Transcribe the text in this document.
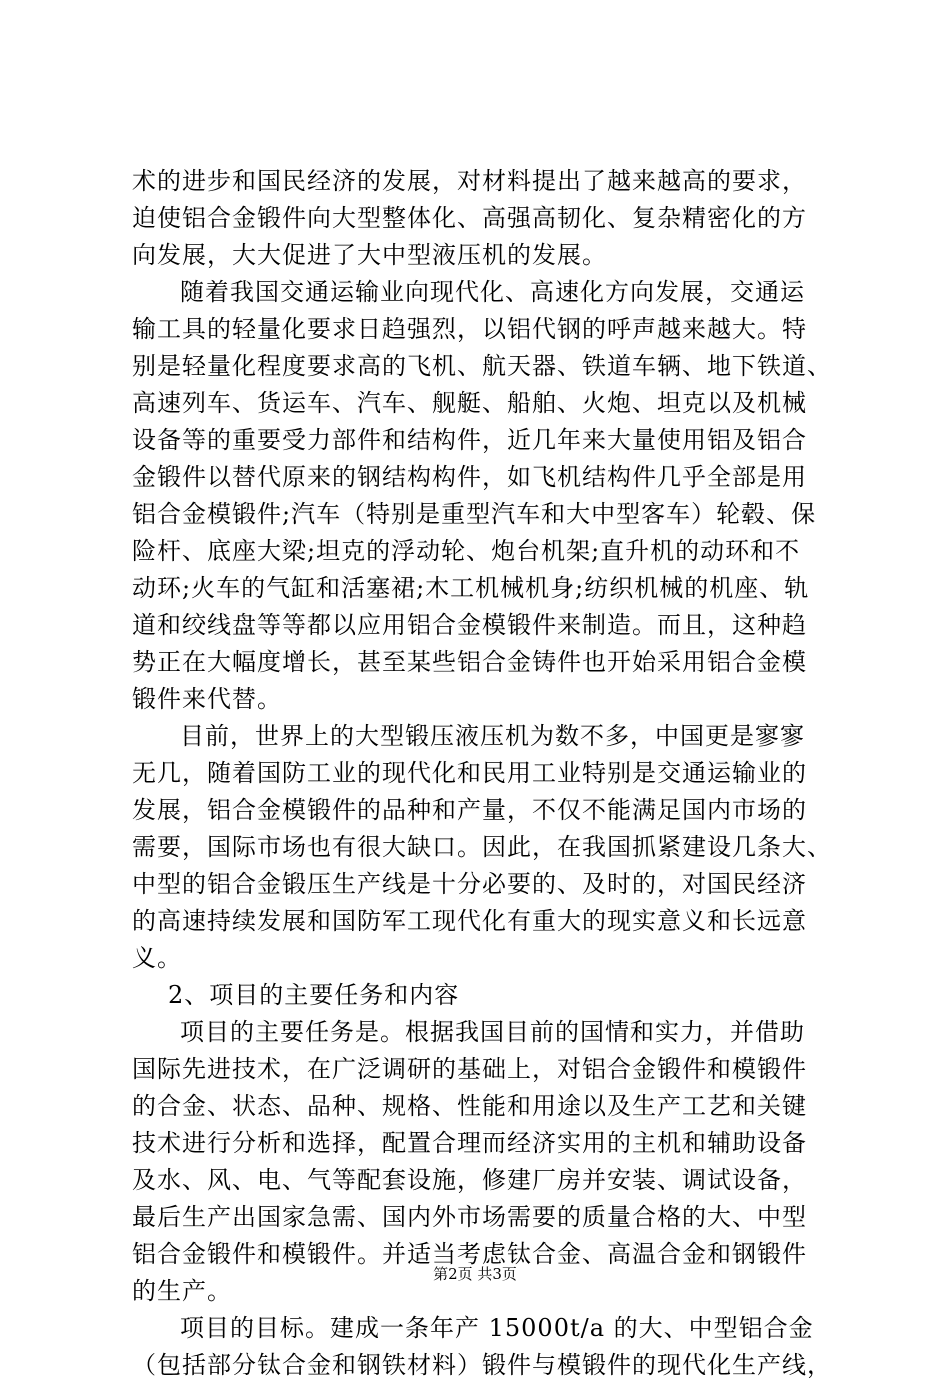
术的进步和国民经济的发展，对材料提出了越来越高的要求，
迫使铝合金锻件向大型整体化、高强高韧化、复杂精密化的方
向发展，大大促进了大中型液压机的发展。
随着我国交通运输业向现代化、高速化方向发展，交通运
输工具的轻量化要求日趋强烈，以铝代钢的呼声越来越大。特
别是轻量化程度要求高的飞机、航天器、铁道车辆、地下铁道、
高速列车、货运车、汽车、舰艇、船舶、火炮、坦克以及机械
设备等的重要受力部件和结构件，近几年来大量使用铝及铝合
金锻件以替代原来的钢结构构件，如飞机结构件几乎全部是用
铝合金模锻件;汽车（特别是重型汽车和大中型客车）轮毂、保
险杆、底座大梁;坦克的浮动轮、炮台机架;直升机的动环和不
动环;火车的气缸和活塞裙;木工机械机身;纺织机械的机座、轨
道和绞线盘等等都以应用铝合金模锻件来制造。而且，这种趋
势正在大幅度增长，甚至某些铝合金铸件也开始采用铝合金模
锻件来代替。
目前，世界上的大型锻压液压机为数不多，中国更是寥寥
无几，随着国防工业的现代化和民用工业特别是交通运输业的
发展，铝合金模锻件的品种和产量，不仅不能满足国内市场的
需要，国际市场也有很大缺口。因此，在我国抓紧建设几条大、
中型的铝合金锻压生产线是十分必要的、及时的，对国民经济
的高速持续发展和国防军工现代化有重大的现实意义和长远意
义。
2、项目的主要任务和内容
项目的主要任务是。根据我国目前的国情和实力，并借助
国际先进技术，在广泛调研的基础上，对铝合金锻件和模锻件
的合金、状态、品种、规格、性能和用途以及生产工艺和关键
技术进行分析和选择，配置合理而经济实用的主机和辅助设备
及水、风、电、气等配套设施，修建厂房并安装、调试设备，
最后生产出国家急需、国内外市场需要的质量合格的大、中型
铝合金锻件和模锻件。并适当考虑钛合金、高温合金和钢锻件
的生产。
项目的目标。建成一条年产 15000t/a 的大、中型铝合金
（包括部分钛合金和钢铁材料）锻件与模锻件的现代化生产线，
第2页 共3页
